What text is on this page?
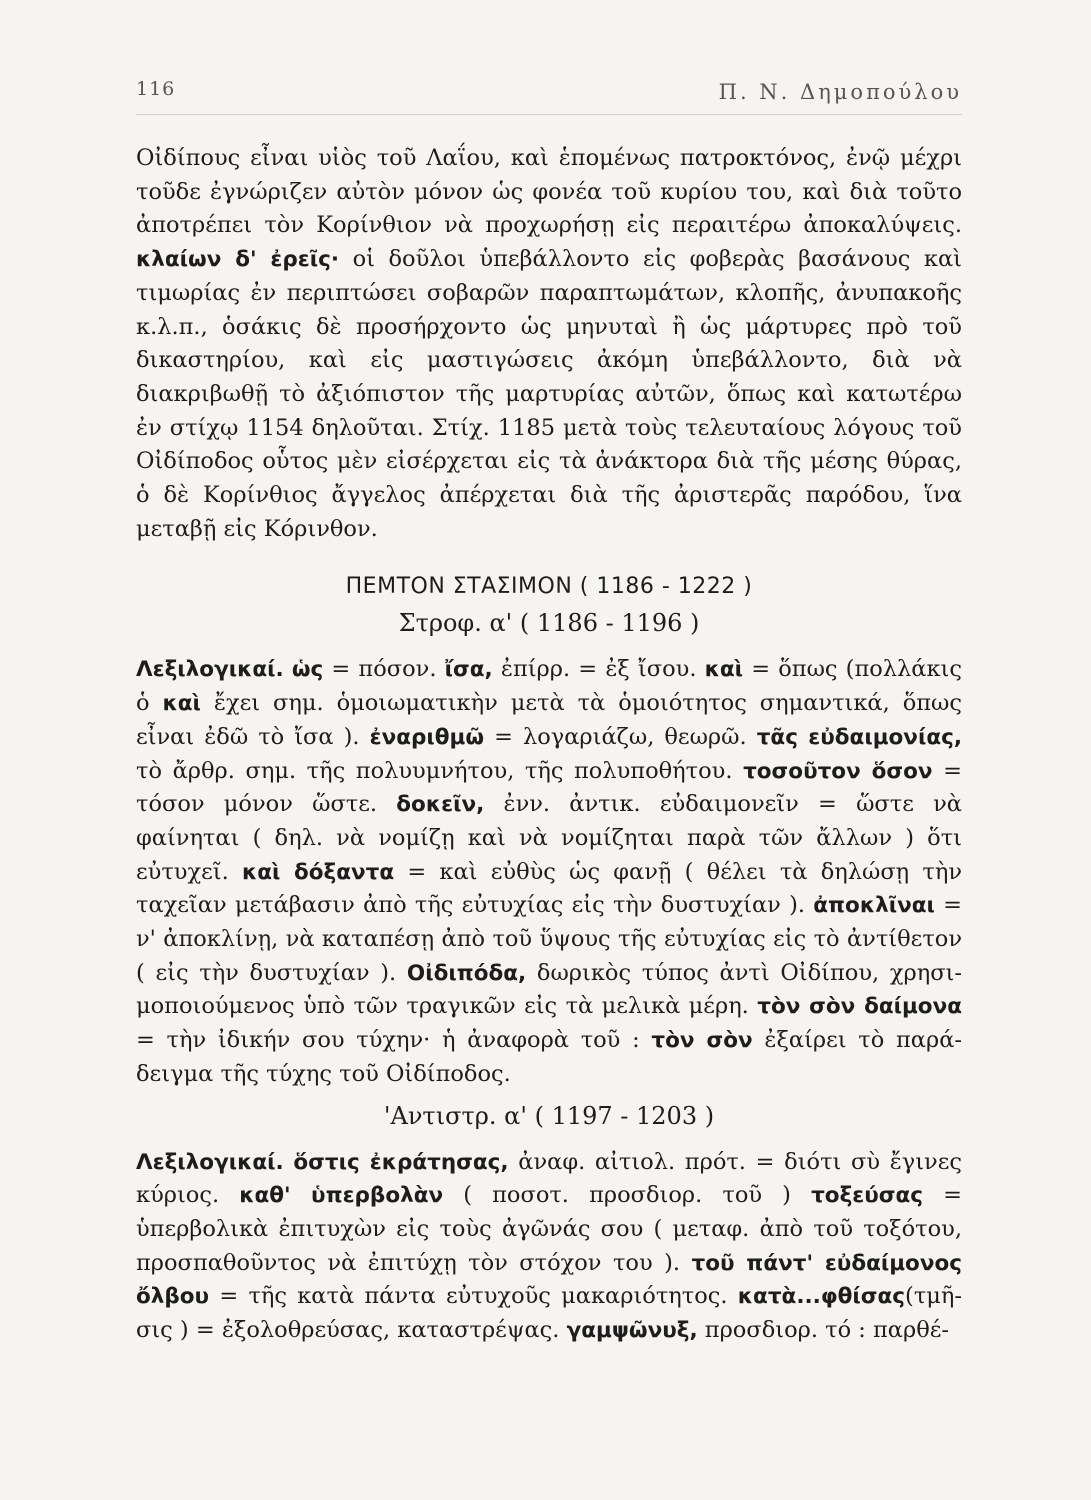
116	Π. Ν. Δημοπούλου

Οἰδίπους εἶναι υἱὸς τοῦ Λαΐου, καὶ ἑπομένως πατροκτόνος, ἐνῷ μέχρι τοῦδε ἐγνώριζεν αὐτὸν μόνον ὡς φονέα τοῦ κυρίου του, καὶ διὰ τοῦτο ἀποτρέπει τὸν Κορίνθιον νὰ προχωρήσῃ εἰς περαιτέρω ἀποκαλύψεις. κλαίων δ' ἐρεῖς· οἱ δοῦλοι ὑπεβάλλοντο εἰς φοβερὰς βασάνους καὶ τιμωρίας ἐν περιπτώσει σοβαρῶν παραπτωμάτων, κλοπῆς, ἀνυπακοῆς κ.λ.π., ὁσάκις δὲ προσήρχοντο ὡς μηνυταὶ ἢ ὡς μάρτυρες πρὸ τοῦ δικαστηρίου, καὶ εἰς μαστιγώσεις ἀκόμη ὑπεβάλλοντο, διὰ νὰ διακριβωθῇ τὸ ἀξιόπιστον τῆς μαρτυρίας αὐτῶν, ὅπως καὶ κατωτέρω ἐν στίχῳ 1154 δηλοῦται. Στίχ. 1185 μετὰ τοὺς τελευταίους λόγους τοῦ Οἰδίποδος οὗτος μὲν εἰσέρχεται εἰς τὰ ἀνάκτορα διὰ τῆς μέσης θύρας, ὁ δὲ Κορίνθιος ἄγγελος ἀπέρχεται διὰ τῆς ἀριστερᾶς παρόδου, ἵνα μεταβῇ εἰς Κόρινθον.

ΠΕΜΤΟΝ ΣΤΑΣΙΜΟΝ ( 1186 - 1222 )

Στροφ. α' ( 1186 - 1196 )

Λεξιλογικαί. ὡς = πόσον. ἴσα, ἐπίρρ. = ἐξ ἴσου. καὶ = ὅπως (πολλάκις ὁ καὶ ἔχει σημ. ὁμοιωματικὴν μετὰ τὰ ὁμοιότητος σημαντικά, ὅπως εἶναι ἐδῶ τὸ ἴσα ). ἐναριθμῶ = λογαριάζω, θεωρῶ. τᾶς εὐδαιμονίας, τὸ ἄρθρ. σημ. τῆς πολυυμνήτου, τῆς πολυποθήτου. τοσοῦτον ὅσον = τόσον μόνον ὥστε. δοκεῖν, ἐνν. ἀντικ. εὐδαιμονεῖν = ὥστε νὰ φαίνηται ( δηλ. νὰ νομίζῃ καὶ νὰ νομίζηται παρὰ τῶν ἄλλων ) ὅτι εὐτυχεῖ. καὶ δόξαντα = καὶ εὐθὺς ὡς φανῇ ( θέλει τὰ δηλώσῃ τὴν ταχεῖαν μετάβασιν ἀπὸ τῆς εὐτυχίας εἰς τὴν δυστυχίαν ). ἀποκλῖναι = ν' ἀποκλίνῃ, νὰ καταπέσῃ ἀπὸ τοῦ ὕψους τῆς εὐτυχίας εἰς τὸ ἀντίθετον ( εἰς τὴν δυστυχίαν ). Οἰδιπόδα, δωρικὸς τύπος ἀντὶ Οἰδίπου, χρησιμοποιούμενος ὑπὸ τῶν τραγικῶν εἰς τὰ μελικὰ μέρη. τὸν σὸν δαίμονα = τὴν ἰδικήν σου τύχην· ἡ ἀναφορὰ τοῦ : τὸν σὸν ἐξαίρει τὸ παράδειγμα τῆς τύχης τοῦ Οἰδίποδος.

'Αντιστρ. α' ( 1197 - 1203 )

Λεξιλογικαί. ὅστις ἐκράτησας, ἀναφ. αἰτιολ. πρότ. = διότι σὺ ἔγινες κύριος. καθ' ὑπερβολὰν ( ποσοτ. προσδιορ. τοῦ ) τοξεύσας = ὑπερβολικὰ ἐπιτυχὼν εἰς τοὺς ἀγῶνάς σου ( μεταφ. ἀπὸ τοῦ τοξότου, προσπαθοῦντος νὰ ἐπιτύχῃ τὸν στόχον του ). τοῦ πάντ' εὐδαίμονος ὄλβου = τῆς κατὰ πάντα εὐτυχοῦς μακαριότητος. κατὰ...φθίσας(τμῆσις ) = ἐξολοθρεύσας, καταστρέψας. γαμψῶνυξ, προσδιορ. τό : παρθέ-
